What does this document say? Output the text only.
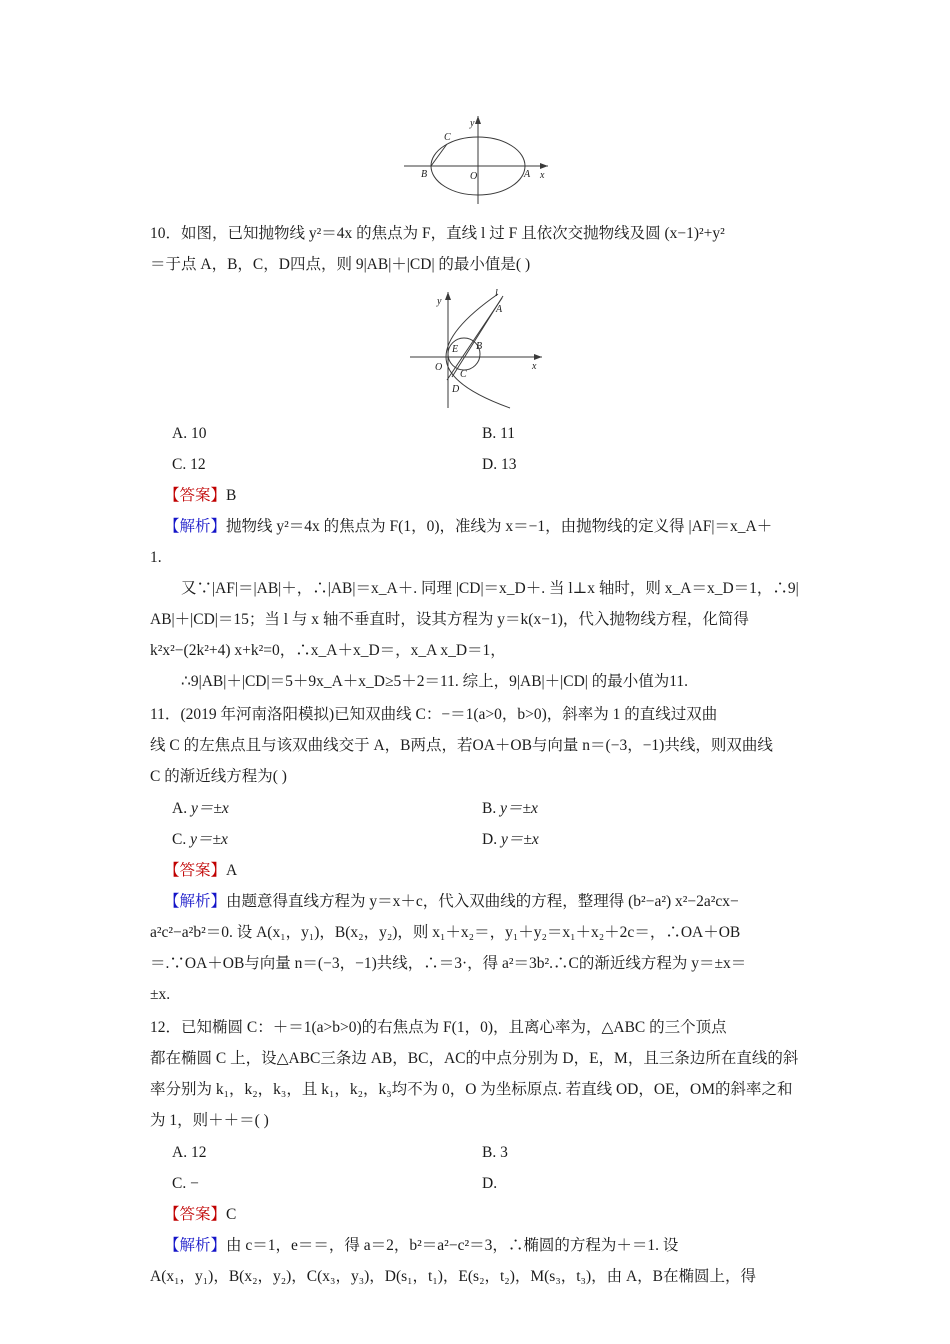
C
B	O	A x
y
10．如图，已知抛物线 y²＝4x 的焦点为 F，直线 l 过 F 且依次交抛物线及圆 (x−1)²+y²
＝于点 A，B，C，D四点，则 9|AB|＋|CD| 的最小值是( )
l
A
B
C
D
E
O	x
y
A. 10	B. 11
C. 12	D. 13
【答案】B
【解析】抛物线 y²＝4x 的焦点为 F(1，0)，准线为 x＝−1，由抛物线的定义得 |AF|＝x_A＋
1.
又∵|AF|＝|AB|＋，∴|AB|＝x_A＋. 同理 |CD|＝x_D＋. 当 l⊥x 轴时，则 x_A＝x_D＝1，∴9|
AB|＋|CD|＝15；当 l 与 x 轴不垂直时，设其方程为 y＝k(x−1)，代入抛物线方程，化简得
k²x²−(2k²+4) x+k²=0，∴x_A＋x_D＝，x_A x_D＝1，
∴9|AB|＋|CD|＝5＋9x_A＋x_D≥5＋2＝11. 综上，9|AB|＋|CD| 的最小值为11.
11．(2019 年河南洛阳模拟)已知双曲线 C：−＝1(a>0，b>0)，斜率为 1 的直线过双曲
线 C 的左焦点且与该双曲线交于 A，B两点，若OA＋OB与向量 n＝(−3，−1)共线，则双曲线
C 的渐近线方程为( )
A. y＝±x	B. y＝±x
C. y＝±x	D. y＝±x
【答案】A
【解析】由题意得直线方程为 y＝x＋c，代入双曲线的方程，整理得 (b²−a²) x²−2a²cx−
a²c²−a²b²＝0. 设 A(x₁，y₁)，B(x₂，y₂)，则 x₁＋x₂＝，y₁＋y₂＝x₁＋x₂＋2c＝，∴OA＋OB
＝.∵OA＋OB与向量 n＝(−3，−1)共线，∴＝3·，得 a²＝3b².∴C的渐近线方程为 y＝±x＝
±x.
12．已知椭圆 C：＋＝1(a>b>0)的右焦点为 F(1，0)，且离心率为，△ABC 的三个顶点
都在椭圆 C 上，设△ABC三条边 AB，BC，AC的中点分别为 D，E，M，且三条边所在直线的斜
率分别为 k₁，k₂，k₃，且 k₁，k₂，k₃均不为 0，O 为坐标原点. 若直线 OD，OE，OM的斜率之和
为 1，则＋＋＝( )
A. 12	B. 3
C. −	D.
【答案】C
【解析】由 c＝1，e＝＝，得 a＝2，b²＝a²−c²＝3，∴椭圆的方程为＋＝1. 设
A(x₁，y₁)，B(x₂，y₂)，C(x₃，y₃)，D(s₁，t₁)，E(s₂，t₂)，M(s₃，t₃)，由 A，B在椭圆上，得
